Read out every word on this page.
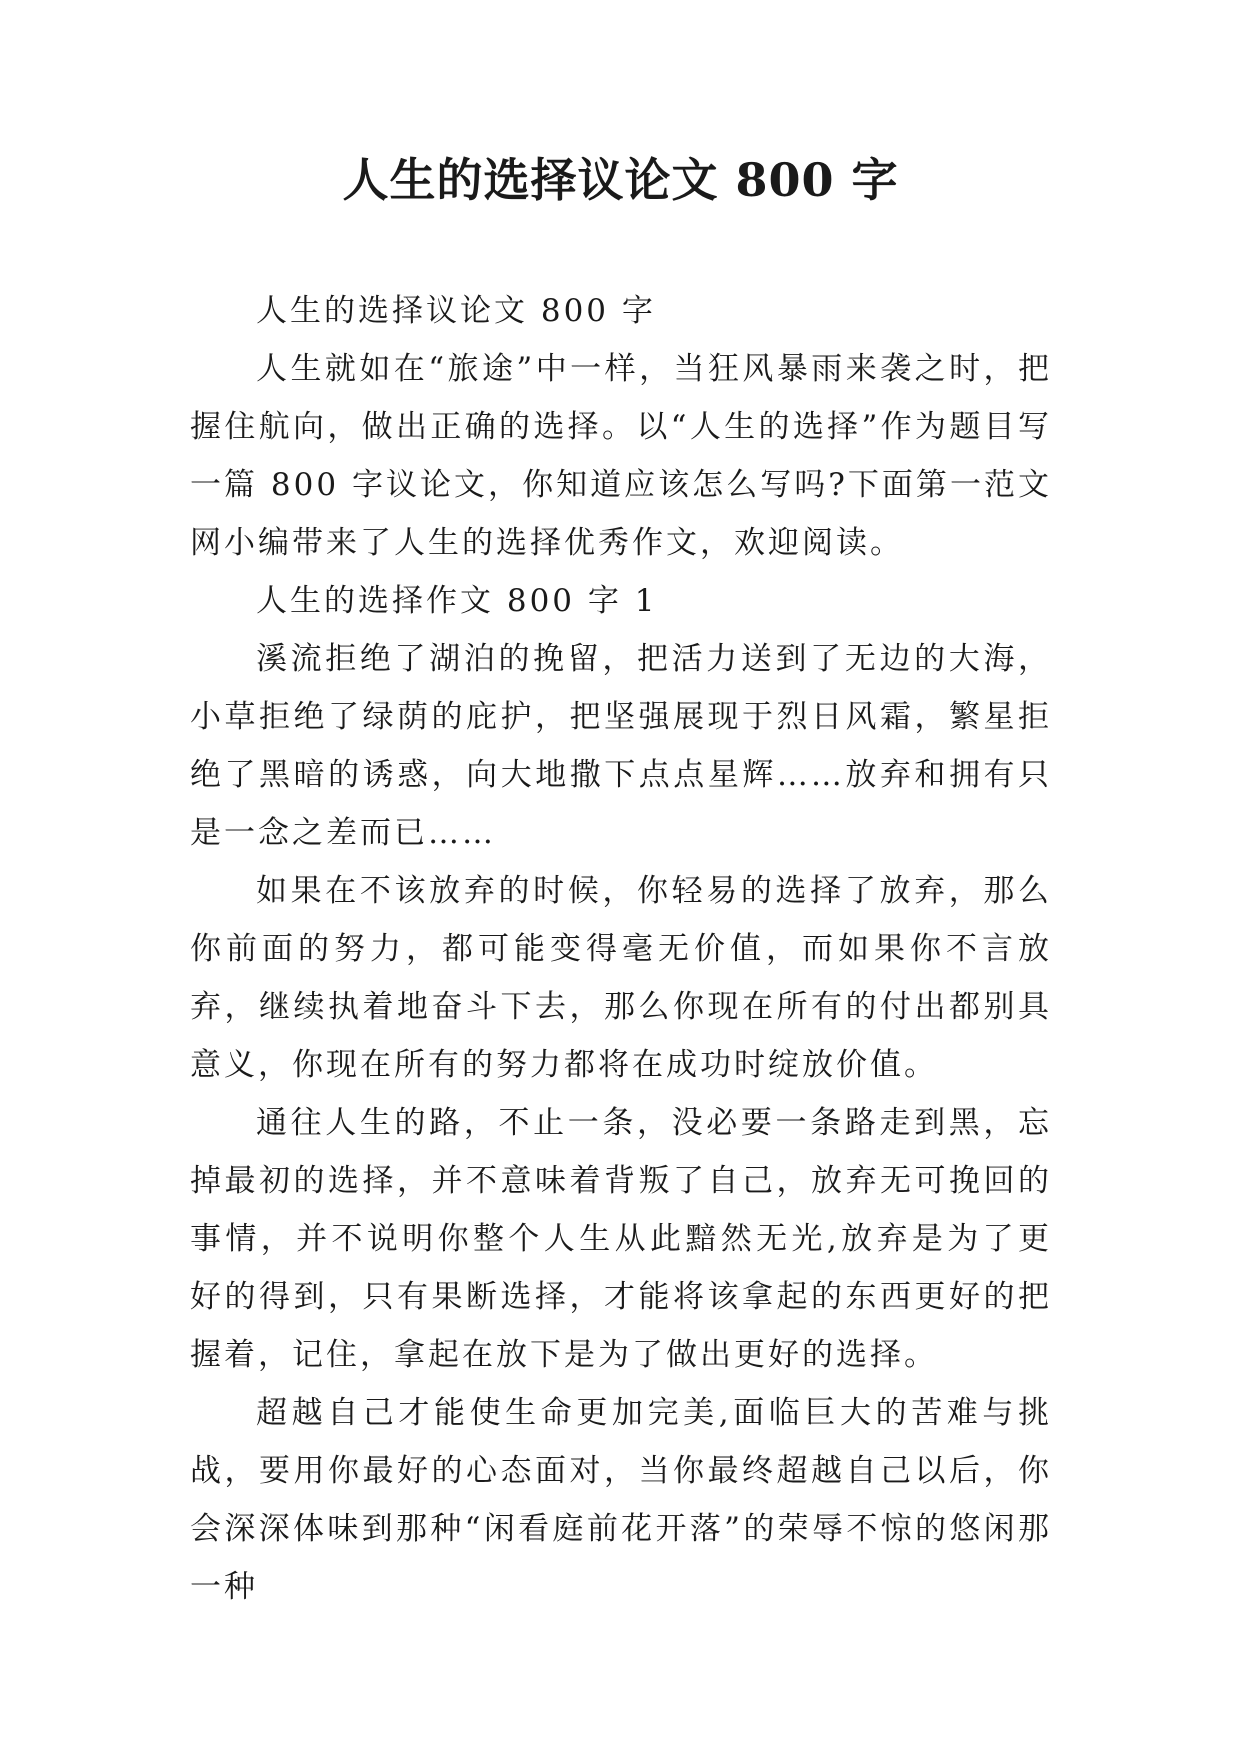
人生的选择议论文 800 字

人生的选择议论文 800 字

人生就如在“旅途”中一样，当狂风暴雨来袭之时，把握住航向，做出正确的选择。以“人生的选择”作为题目写一篇 800 字议论文，你知道应该怎么写吗?下面第一范文网小编带来了人生的选择优秀作文，欢迎阅读。

人生的选择作文 800 字 1

溪流拒绝了湖泊的挽留，把活力送到了无边的大海，小草拒绝了绿荫的庇护，把坚强展现于烈日风霜，繁星拒绝了黑暗的诱惑，向大地撒下点点星辉……放弃和拥有只是一念之差而已……

如果在不该放弃的时候，你轻易的选择了放弃，那么你前面的努力，都可能变得毫无价值，而如果你不言放弃，继续执着地奋斗下去，那么你现在所有的付出都别具意义，你现在所有的努力都将在成功时绽放价值。

通往人生的路，不止一条，没必要一条路走到黑，忘掉最初的选择，并不意味着背叛了自己，放弃无可挽回的事情，并不说明你整个人生从此黯然无光,放弃是为了更好的得到，只有果断选择，才能将该拿起的东西更好的把握着，记住，拿起在放下是为了做出更好的选择。

超越自己才能使生命更加完美,面临巨大的苦难与挑战，要用你最好的心态面对，当你最终超越自己以后，你会深深体味到那种“闲看庭前花开落”的荣辱不惊的悠闲那一种
